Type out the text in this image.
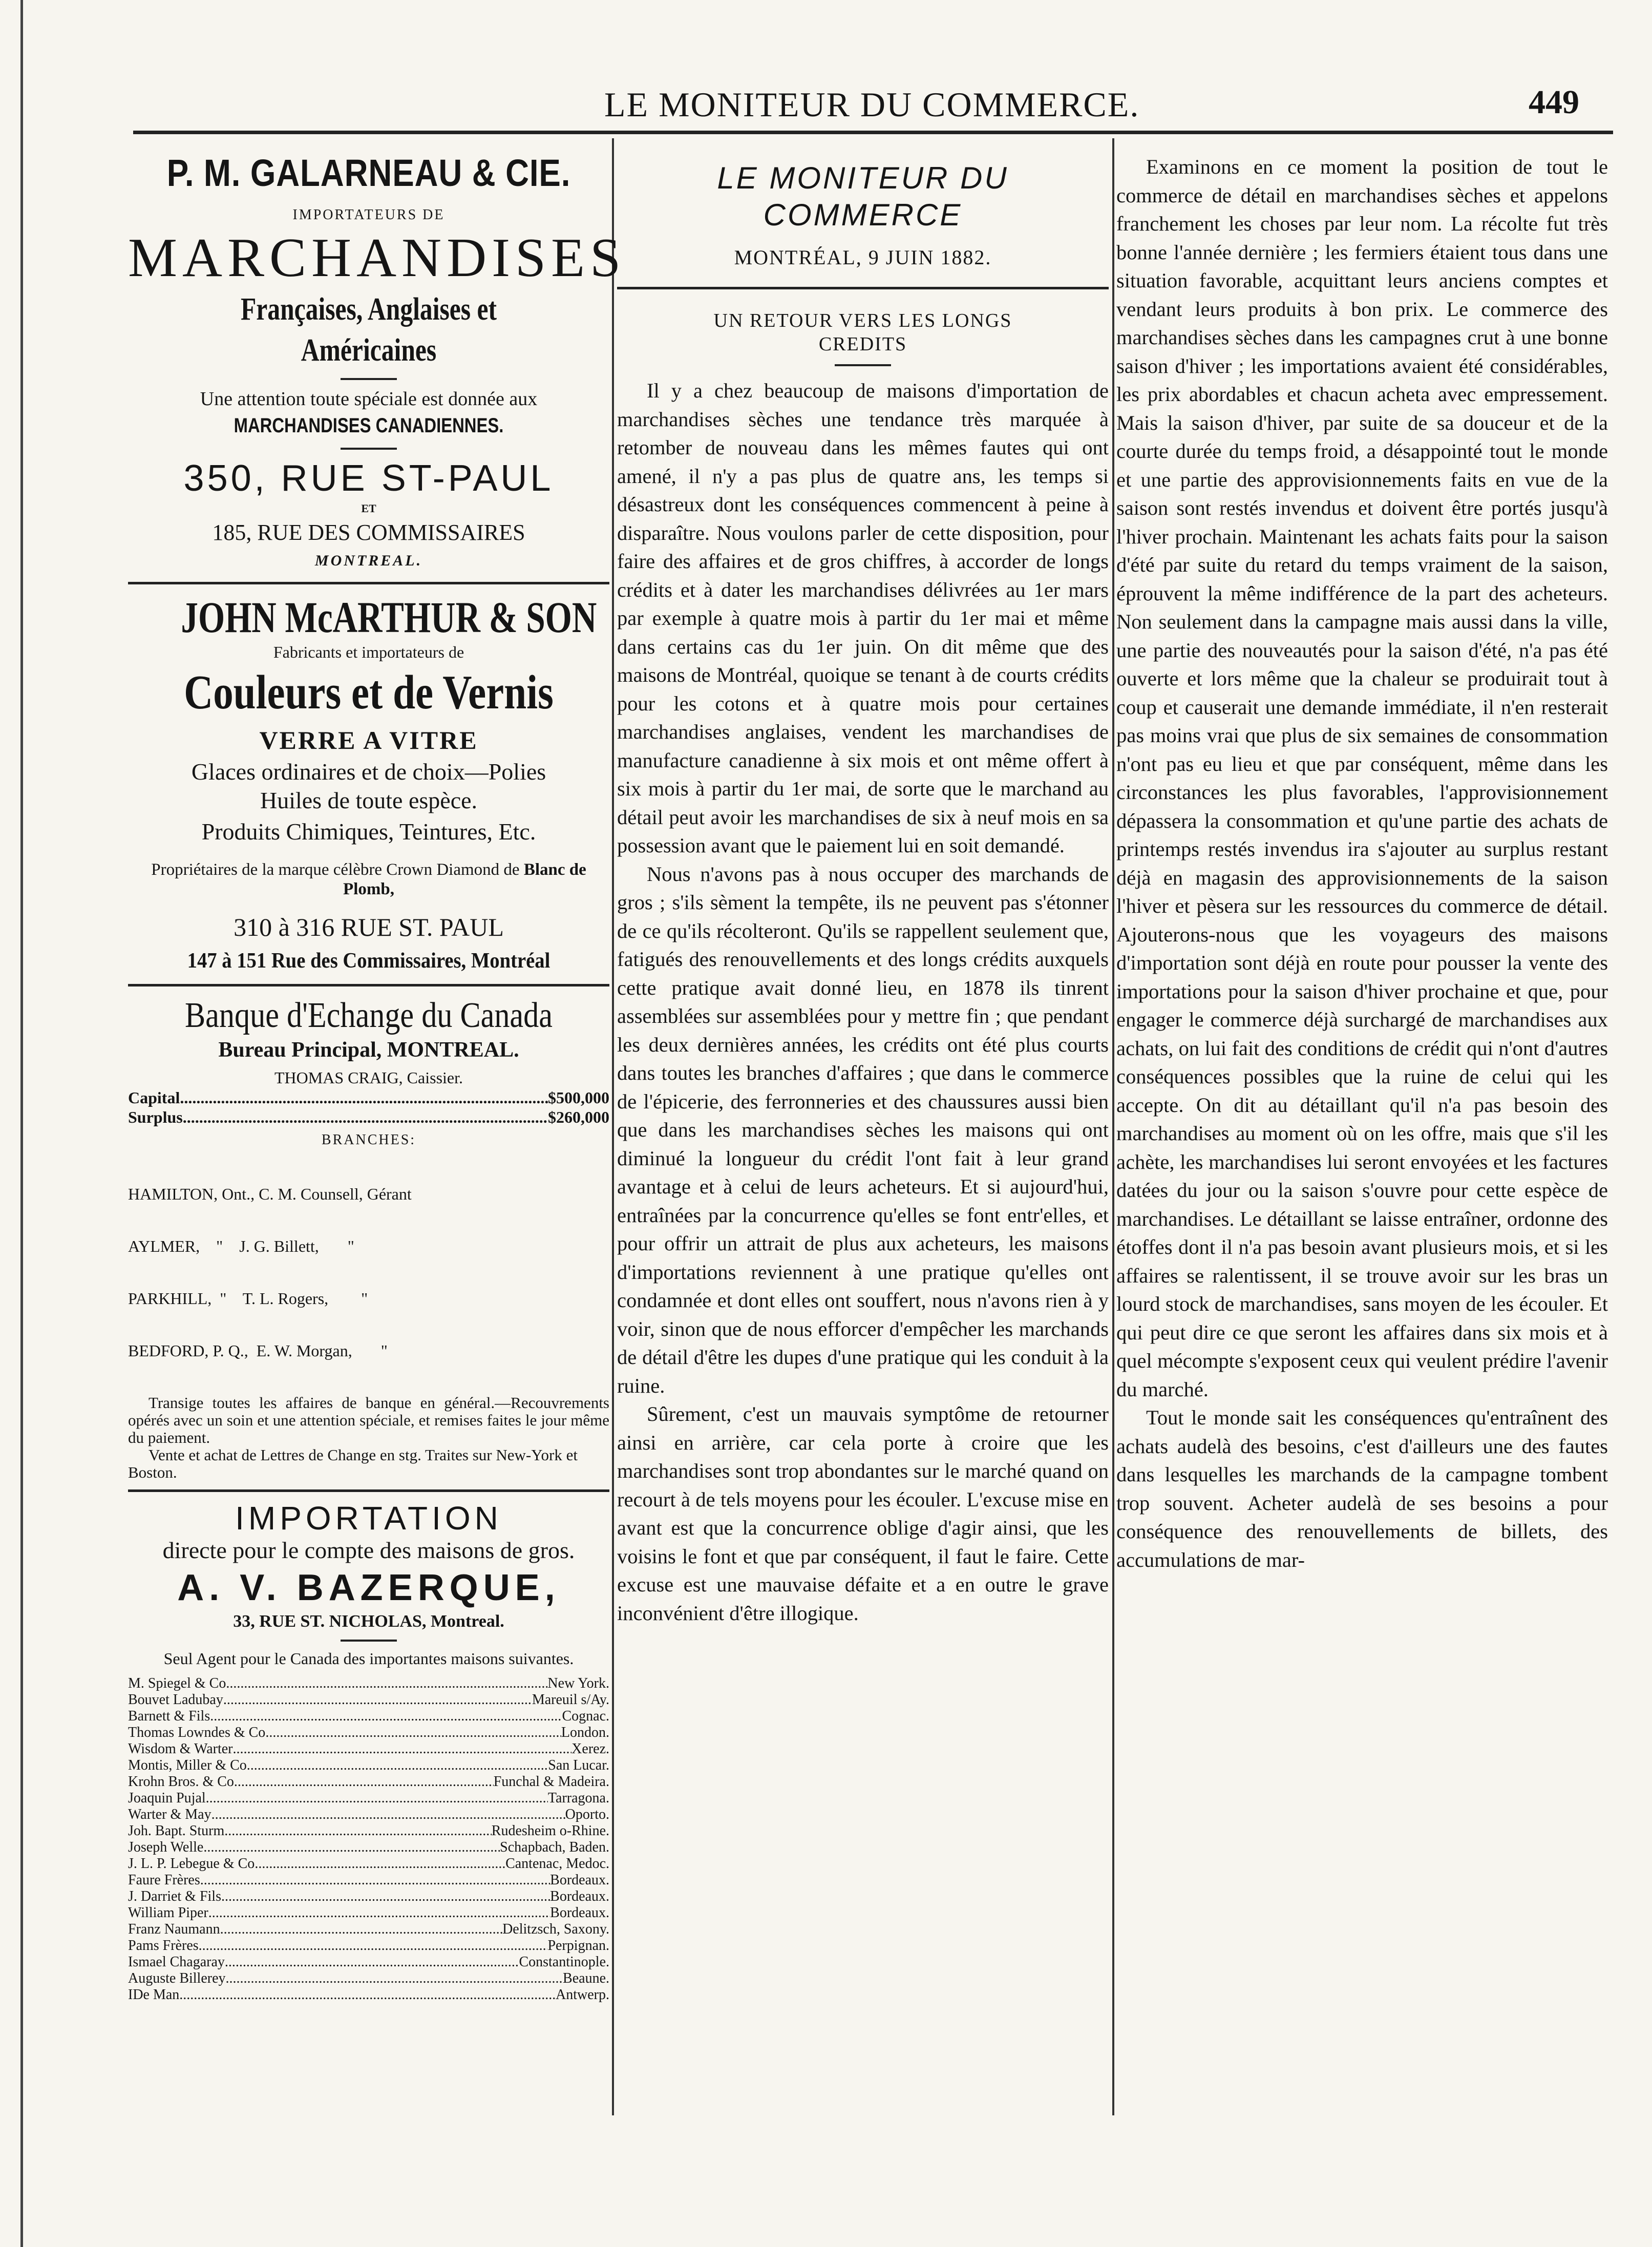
LE MONITEUR DU COMMERCE.	449
P. M. GALARNEAU & CIE.
IMPORTATEURS DE
MARCHANDISES
Françaises, Anglaises et Américaines
Une attention toute spéciale est donnée aux
MARCHANDISES CANADIENNES.
350, RUE ST-PAUL
ET
185, RUE DES COMMISSAIRES
MONTREAL.
JOHN McARTHUR & SON
Fabricants et importateurs de
Couleurs et de Vernis
VERRE A VITRE
Glaces ordinaires et de choix—Polies
Huiles de toute espèce.
Produits Chimiques, Teintures, Etc.
Propriétaires de la marque célèbre Crown Diamond de Blanc de Plomb,
310 à 316 RUE ST. PAUL
147 à 151 Rue des Commissaires, Montréal
Banque d'Echange du Canada
Bureau Principal, MONTREAL.
THOMAS CRAIG, Caissier.
Capital .....	$500,000
Surplus .....	$260,000
BRANCHES:

HAMILTON, Ont., C. M. Counsell, Gérant

AYLMER,    "    J. G. Billett,       "

PARKHILL,  "    T. L. Rogers,        "

BEDFORD, P. Q.,  E. W. Morgan,       "

Transige toutes les affaires de banque en général.—Recouvrements opérés avec un soin et une attention spéciale, et remises faites le jour même du paiement.
Vente et achat de Lettres de Change en stg. Traites sur New-York et Boston.
IMPORTATION
directe pour le compte des maisons de gros.
A. V. BAZERQUE,
33, RUE ST. NICHOLAS, Montreal.
Seul Agent pour le Canada des importantes maisons suivantes.
M. Spiegel & Co .....	New York.
Bouvet Ladubay .....	Mareuil s/Ay.
Barnett & Fils .....	Cognac.
Thomas Lowndes & Co .....	London.
Wisdom & Warter .....	Xerez.
Montis, Miller & Co .....	San Lucar.
Krohn Bros. & Co .....	Funchal & Madeira.
Joaquin Pujal .....	Tarragona.
Warter & May .....	Oporto.
Joh. Bapt. Sturm .....	Rudesheim o-Rhine.
Joseph Welle .....	Schapbach, Baden.
J. L. P. Lebegue & Co .....	Cantenac, Medoc.
Faure Frères .....	Bordeaux.
J. Darriet & Fils .....	Bordeaux.
William Piper .....	Bordeaux.
Franz Naumann .....	Delitzsch, Saxony.
Pams Frères .....	Perpignan.
Ismael Chagaray .....	Constantinople.
Auguste Billerey .....	Beaune.
IDe Man .....	Antwerp.
LE MONITEUR DU COMMERCE
MONTRÉAL, 9 JUIN 1882.
UN RETOUR VERS LES LONGS CREDITS

Il y a chez beaucoup de maisons d'importation de marchandises sèches une tendance très marquée à retomber de nouveau dans les mêmes fautes qui ont amené, il n'y a pas plus de quatre ans, les temps si désastreux dont les conséquences commencent à peine à disparaître. Nous voulons parler de cette disposition, pour faire des affaires et de gros chiffres, à accorder de longs crédits et à dater les marchandises délivrées au 1er mars par exemple à quatre mois à partir du 1er mai et même dans certains cas du 1er juin. On dit même que des maisons de Montréal, quoique se tenant à de courts crédits pour les cotons et à quatre mois pour certaines marchandises anglaises, vendent les marchandises de manufacture canadienne à six mois et ont même offert à six mois à partir du 1er mai, de sorte que le marchand au détail peut avoir les marchandises de six à neuf mois en sa possession avant que le paiement lui en soit demandé.

Nous n'avons pas à nous occuper des marchands de gros ; s'ils sèment la tempête, ils ne peuvent pas s'étonner de ce qu'ils récolteront. Qu'ils se rappellent seulement que, fatigués des renouvellements et des longs crédits auxquels cette pratique avait donné lieu, en 1878 ils tinrent assemblées sur assemblées pour y mettre fin ; que pendant les deux dernières années, les crédits ont été plus courts dans toutes les branches d'affaires ; que dans le commerce de l'épicerie, des ferronneries et des chaussures aussi bien que dans les marchandises sèches les maisons qui ont diminué la longueur du crédit l'ont fait à leur grand avantage et à celui de leurs acheteurs. Et si aujourd'hui, entraînées par la concurrence qu'elles se font entr'elles, et pour offrir un attrait de plus aux acheteurs, les maisons d'importations reviennent à une pratique qu'elles ont condamnée et dont elles ont souffert, nous n'avons rien à y voir, sinon que de nous efforcer d'empêcher les marchands de détail d'être les dupes d'une pratique qui les conduit à la ruine.

Sûrement, c'est un mauvais symptôme de retourner ainsi en arrière, car cela porte à croire que les marchandises sont trop abondantes sur le marché quand on recourt à de tels moyens pour les écouler. L'excuse mise en avant est que la concurrence oblige d'agir ainsi, que les voisins le font et que par conséquent, il faut le faire. Cette excuse est une mauvaise défaite et a en outre le grave inconvénient d'être illogique.

Examinons en ce moment la position de tout le commerce de détail en marchandises sèches et appelons franchement les choses par leur nom. La récolte fut très bonne l'année dernière ; les fermiers étaient tous dans une situation favorable, acquittant leurs anciens comptes et vendant leurs produits à bon prix. Le commerce des marchandises sèches dans les campagnes crut à une bonne saison d'hiver ; les importations avaient été considérables, les prix abordables et chacun acheta avec empressement. Mais la saison d'hiver, par suite de sa douceur et de la courte durée du temps froid, a désappointé tout le monde et une partie des approvisionnements faits en vue de la saison sont restés invendus et doivent être portés jusqu'à l'hiver prochain. Maintenant les achats faits pour la saison d'été par suite du retard du temps vraiment de la saison, éprouvent la même indifférence de la part des acheteurs. Non seulement dans la campagne mais aussi dans la ville, une partie des nouveautés pour la saison d'été, n'a pas été ouverte et lors même que la chaleur se produirait tout à coup et causerait une demande immédiate, il n'en resterait pas moins vrai que plus de six semaines de consommation n'ont pas eu lieu et que par conséquent, même dans les circonstances les plus favorables, l'approvisionnement dépassera la consommation et qu'une partie des achats de printemps restés invendus ira s'ajouter au surplus restant déjà en magasin des approvisionnements de la saison l'hiver et pèsera sur les ressources du commerce de détail. Ajouterons-nous que les voyageurs des maisons d'importation sont déjà en route pour pousser la vente des importations pour la saison d'hiver prochaine et que, pour engager le commerce déjà surchargé de marchandises aux achats, on lui fait des conditions de crédit qui n'ont d'autres conséquences possibles que la ruine de celui qui les accepte. On dit au détaillant qu'il n'a pas besoin des marchandises au moment où on les offre, mais que s'il les achète, les marchandises lui seront envoyées et les factures datées du jour ou la saison s'ouvre pour cette espèce de marchandises. Le détaillant se laisse entraîner, ordonne des étoffes dont il n'a pas besoin avant plusieurs mois, et si les affaires se ralentissent, il se trouve avoir sur les bras un lourd stock de marchandises, sans moyen de les écouler. Et qui peut dire ce que seront les affaires dans six mois et à quel mécompte s'exposent ceux qui veulent prédire l'avenir du marché.

Tout le monde sait les conséquences qu'entraînent des achats audelà des besoins, c'est d'ailleurs une des fautes dans lesquelles les marchands de la campagne tombent trop souvent. Acheter audelà de ses besoins a pour conséquence des renouvellements de billets, des accumulations de mar-
